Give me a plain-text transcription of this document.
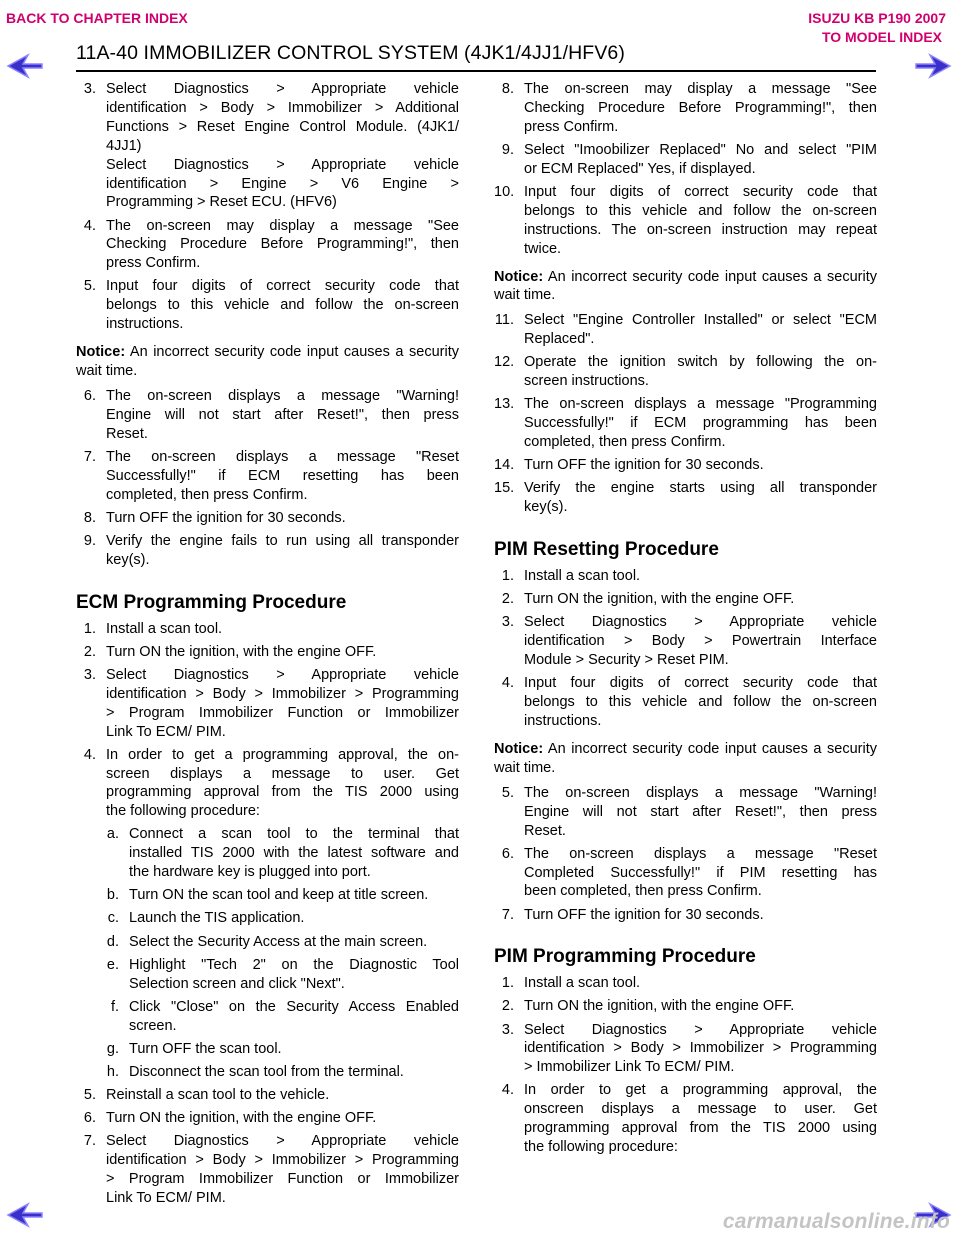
BACK TO CHAPTER INDEX	ISUZU KB P190 2007
TO MODEL INDEX
11A-40 IMMOBILIZER CONTROL SYSTEM (4JK1/4JJ1/HFV6)
3. Select Diagnostics > Appropriate vehicle
identification > Body > Immobilizer > Additional
Functions > Reset Engine Control Module. (4JK1/
4JJ1)
Select Diagnostics > Appropriate vehicle
identification > Engine > V6 Engine >
Programming > Reset ECU. (HFV6)
4. The on-screen may display a message "See
Checking Procedure Before Programming!", then
press Confirm.
5. Input four digits of correct security code that
belongs to this vehicle and follow the on-screen
instructions.
Notice: An incorrect security code input causes a security wait time.
6. The on-screen displays a message "Warning!
Engine will not start after Reset!", then press
Reset.
7. The on-screen displays a message "Reset
Successfully!" if ECM resetting has been
completed, then press Confirm.
8. Turn OFF the ignition for 30 seconds.
9. Verify the engine fails to run using all transponder
key(s).
ECM Programming Procedure
1. Install a scan tool.
2. Turn ON the ignition, with the engine OFF.
3. Select Diagnostics > Appropriate vehicle
identification > Body > Immobilizer > Programming
> Program Immobilizer Function or Immobilizer
Link To ECM/ PIM.
4. In order to get a programming approval, the on-
screen displays a message to user. Get
programming approval from the TIS 2000 using
the following procedure:
a. Connect a scan tool to the terminal that
installed TIS 2000 with the latest software and
the hardware key is plugged into port.
b. Turn ON the scan tool and keep at title screen.
c. Launch the TIS application.
d. Select the Security Access at the main screen.
e. Highlight "Tech 2" on the Diagnostic Tool
Selection screen and click "Next".
f. Click "Close" on the Security Access Enabled
screen.
g. Turn OFF the scan tool.
h. Disconnect the scan tool from the terminal.
5. Reinstall a scan tool to the vehicle.
6. Turn ON the ignition, with the engine OFF.
7. Select Diagnostics > Appropriate vehicle
identification > Body > Immobilizer > Programming
> Program Immobilizer Function or Immobilizer
Link To ECM/ PIM.
8. The on-screen may display a message "See
Checking Procedure Before Programming!", then
press Confirm.
9. Select "Imoobilizer Replaced" No and select "PIM
or ECM Replaced" Yes, if displayed.
10. Input four digits of correct security code that
belongs to this vehicle and follow the on-screen
instructions. The on-screen instruction may repeat
twice.
Notice: An incorrect security code input causes a security wait time.
11. Select "Engine Controller Installed" or select "ECM
Replaced".
12. Operate the ignition switch by following the on-
screen instructions.
13. The on-screen displays a message "Programming
Successfully!" if ECM programming has been
completed, then press Confirm.
14. Turn OFF the ignition for 30 seconds.
15. Verify the engine starts using all transponder
key(s).
PIM Resetting Procedure
1. Install a scan tool.
2. Turn ON the ignition, with the engine OFF.
3. Select Diagnostics > Appropriate vehicle
identification > Body > Powertrain Interface
Module > Security > Reset PIM.
4. Input four digits of correct security code that
belongs to this vehicle and follow the on-screen
instructions.
Notice: An incorrect security code input causes a security wait time.
5. The on-screen displays a message "Warning!
Engine will not start after Reset!", then press
Reset.
6. The on-screen displays a message "Reset
Completed Successfully!" if PIM resetting has
been completed, then press Confirm.
7. Turn OFF the ignition for 30 seconds.
PIM Programming Procedure
1. Install a scan tool.
2. Turn ON the ignition, with the engine OFF.
3. Select Diagnostics > Appropriate vehicle
identification > Body > Immobilizer > Programming
> Immobilizer Link To ECM/ PIM.
4. In order to get a programming approval, the
onscreen displays a message to user. Get
programming approval from the TIS 2000 using
the following procedure:
carmanualsonline.info
